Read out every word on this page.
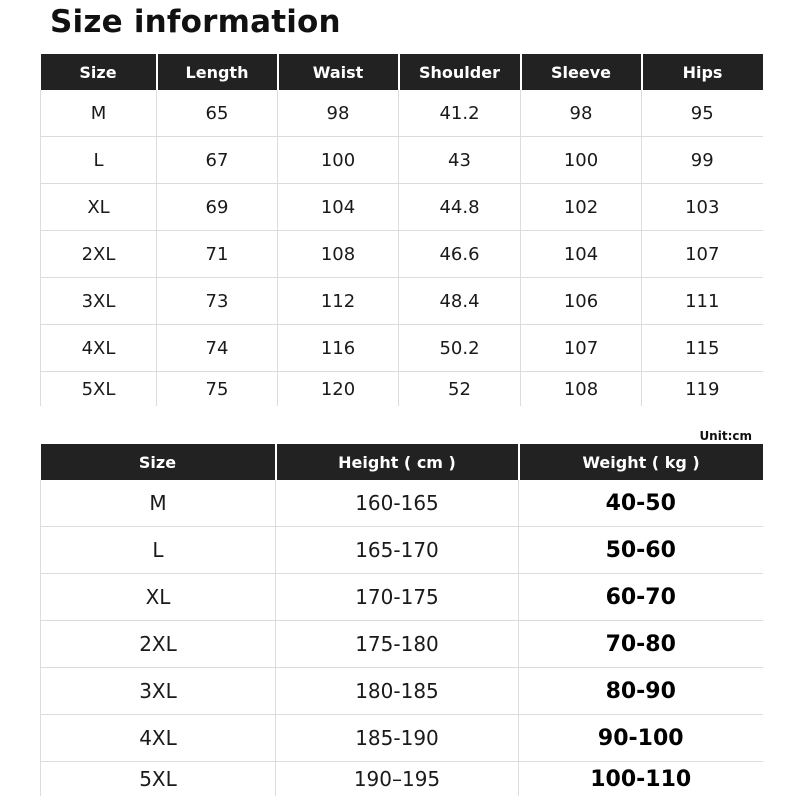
Size information
Size	Length	Waist	Shoulder	Sleeve	Hips
M	65	98	41.2	98	95
L	67	100	43	100	99
XL	69	104	44.8	102	103
2XL	71	108	46.6	104	107
3XL	73	112	48.4	106	111
4XL	74	116	50.2	107	115
5XL	75	120	52	108	119
Unit:cm
Size	Height ( cm )	Weight ( kg )
M	160-165	40-50
L	165-170	50-60
XL	170-175	60-70
2XL	175-180	70-80
3XL	180-185	80-90
4XL	185-190	90-100
5XL	190–195	100-110
